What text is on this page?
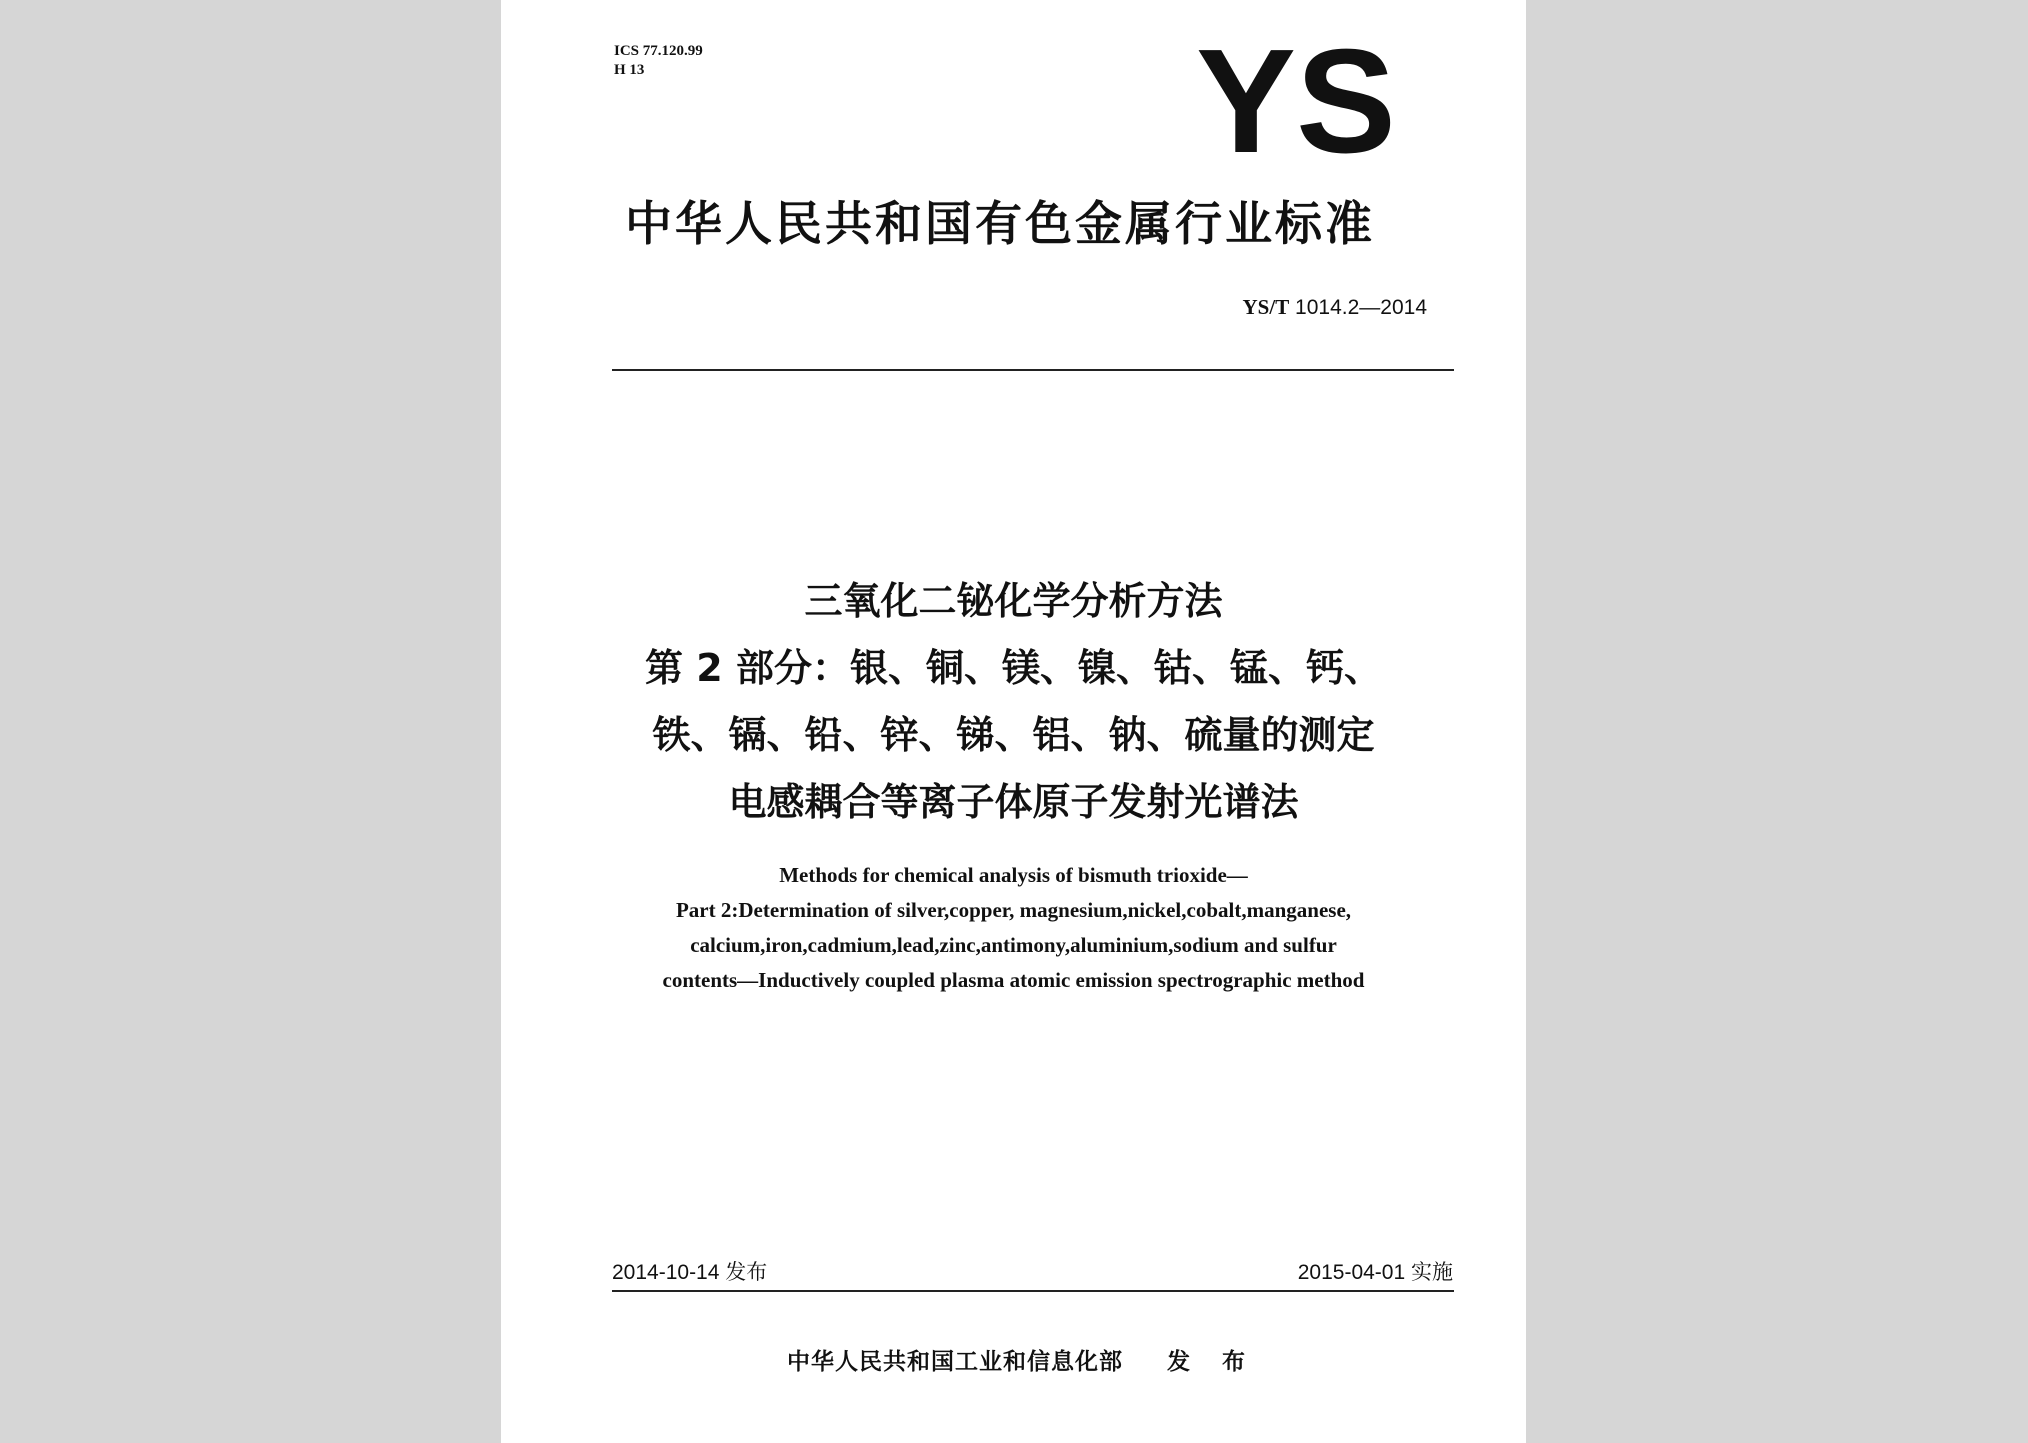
ICS 77.120.99
H 13	YS
中华人民共和国有色金属行业标准
YS/T 1014.2—2014
三氧化二铋化学分析方法
第 2 部分：银、铜、镁、镍、钴、锰、钙、
铁、镉、铅、锌、锑、铝、钠、硫量的测定
电感耦合等离子体原子发射光谱法
Methods for chemical analysis of bismuth trioxide—
Part 2:Determination of silver,copper, magnesium,nickel,cobalt,manganese,
calcium,iron,cadmium,lead,zinc,antimony,aluminium,sodium and sulfur
contents—Inductively coupled plasma atomic emission spectrographic method
2014-10-14 发布	2015-04-01 实施
中华人民共和国工业和信息化部 发 布
